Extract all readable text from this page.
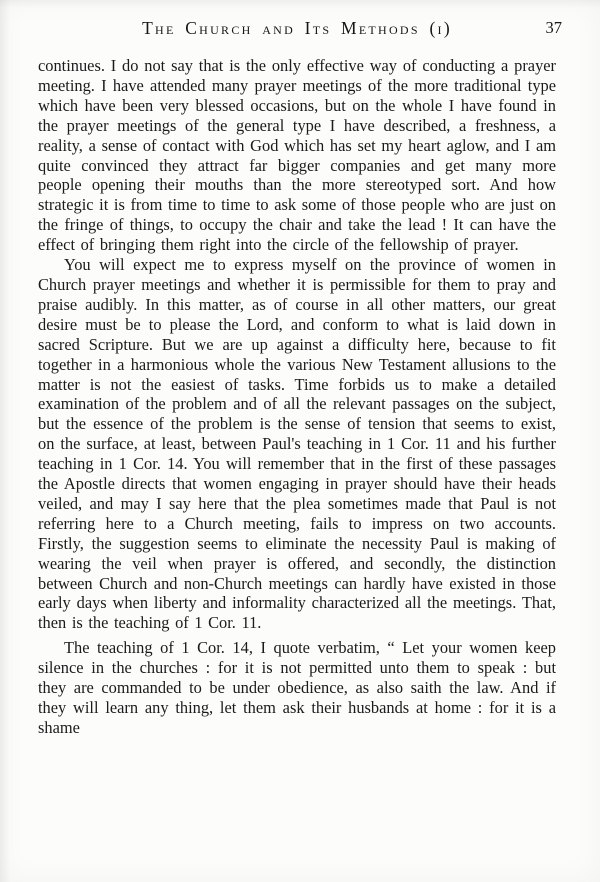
The Church and Its Methods (i)	37

continues. I do not say that is the only effective way of conducting a prayer meeting. I have attended many prayer meetings of the more traditional type which have been very blessed occasions, but on the whole I have found in the prayer meetings of the general type I have described, a freshness, a reality, a sense of contact with God which has set my heart aglow, and I am quite convinced they attract far bigger companies and get many more people opening their mouths than the more stereotyped sort. And how strategic it is from time to time to ask some of those people who are just on the fringe of things, to occupy the chair and take the lead ! It can have the effect of bringing them right into the circle of the fellowship of prayer.

You will expect me to express myself on the province of women in Church prayer meetings and whether it is permissible for them to pray and praise audibly. In this matter, as of course in all other matters, our great desire must be to please the Lord, and conform to what is laid down in sacred Scripture. But we are up against a difficulty here, because to fit together in a harmonious whole the various New Testament allusions to the matter is not the easiest of tasks. Time forbids us to make a detailed examination of the problem and of all the relevant passages on the subject, but the essence of the problem is the sense of tension that seems to exist, on the surface, at least, between Paul's teaching in 1 Cor. 11 and his further teaching in 1 Cor. 14. You will remember that in the first of these passages the Apostle directs that women engaging in prayer should have their heads veiled, and may I say here that the plea sometimes made that Paul is not referring here to a Church meeting, fails to impress on two accounts. Firstly, the suggestion seems to eliminate the necessity Paul is making of wearing the veil when prayer is offered, and secondly, the distinction between Church and non-Church meetings can hardly have existed in those early days when liberty and informality characterized all the meetings. That, then is the teaching of 1 Cor. 11.

The teaching of 1 Cor. 14, I quote verbatim, “ Let your women keep silence in the churches : for it is not permitted unto them to speak : but they are commanded to be under obedience, as also saith the law. And if they will learn any thing, let them ask their husbands at home : for it is a shame
